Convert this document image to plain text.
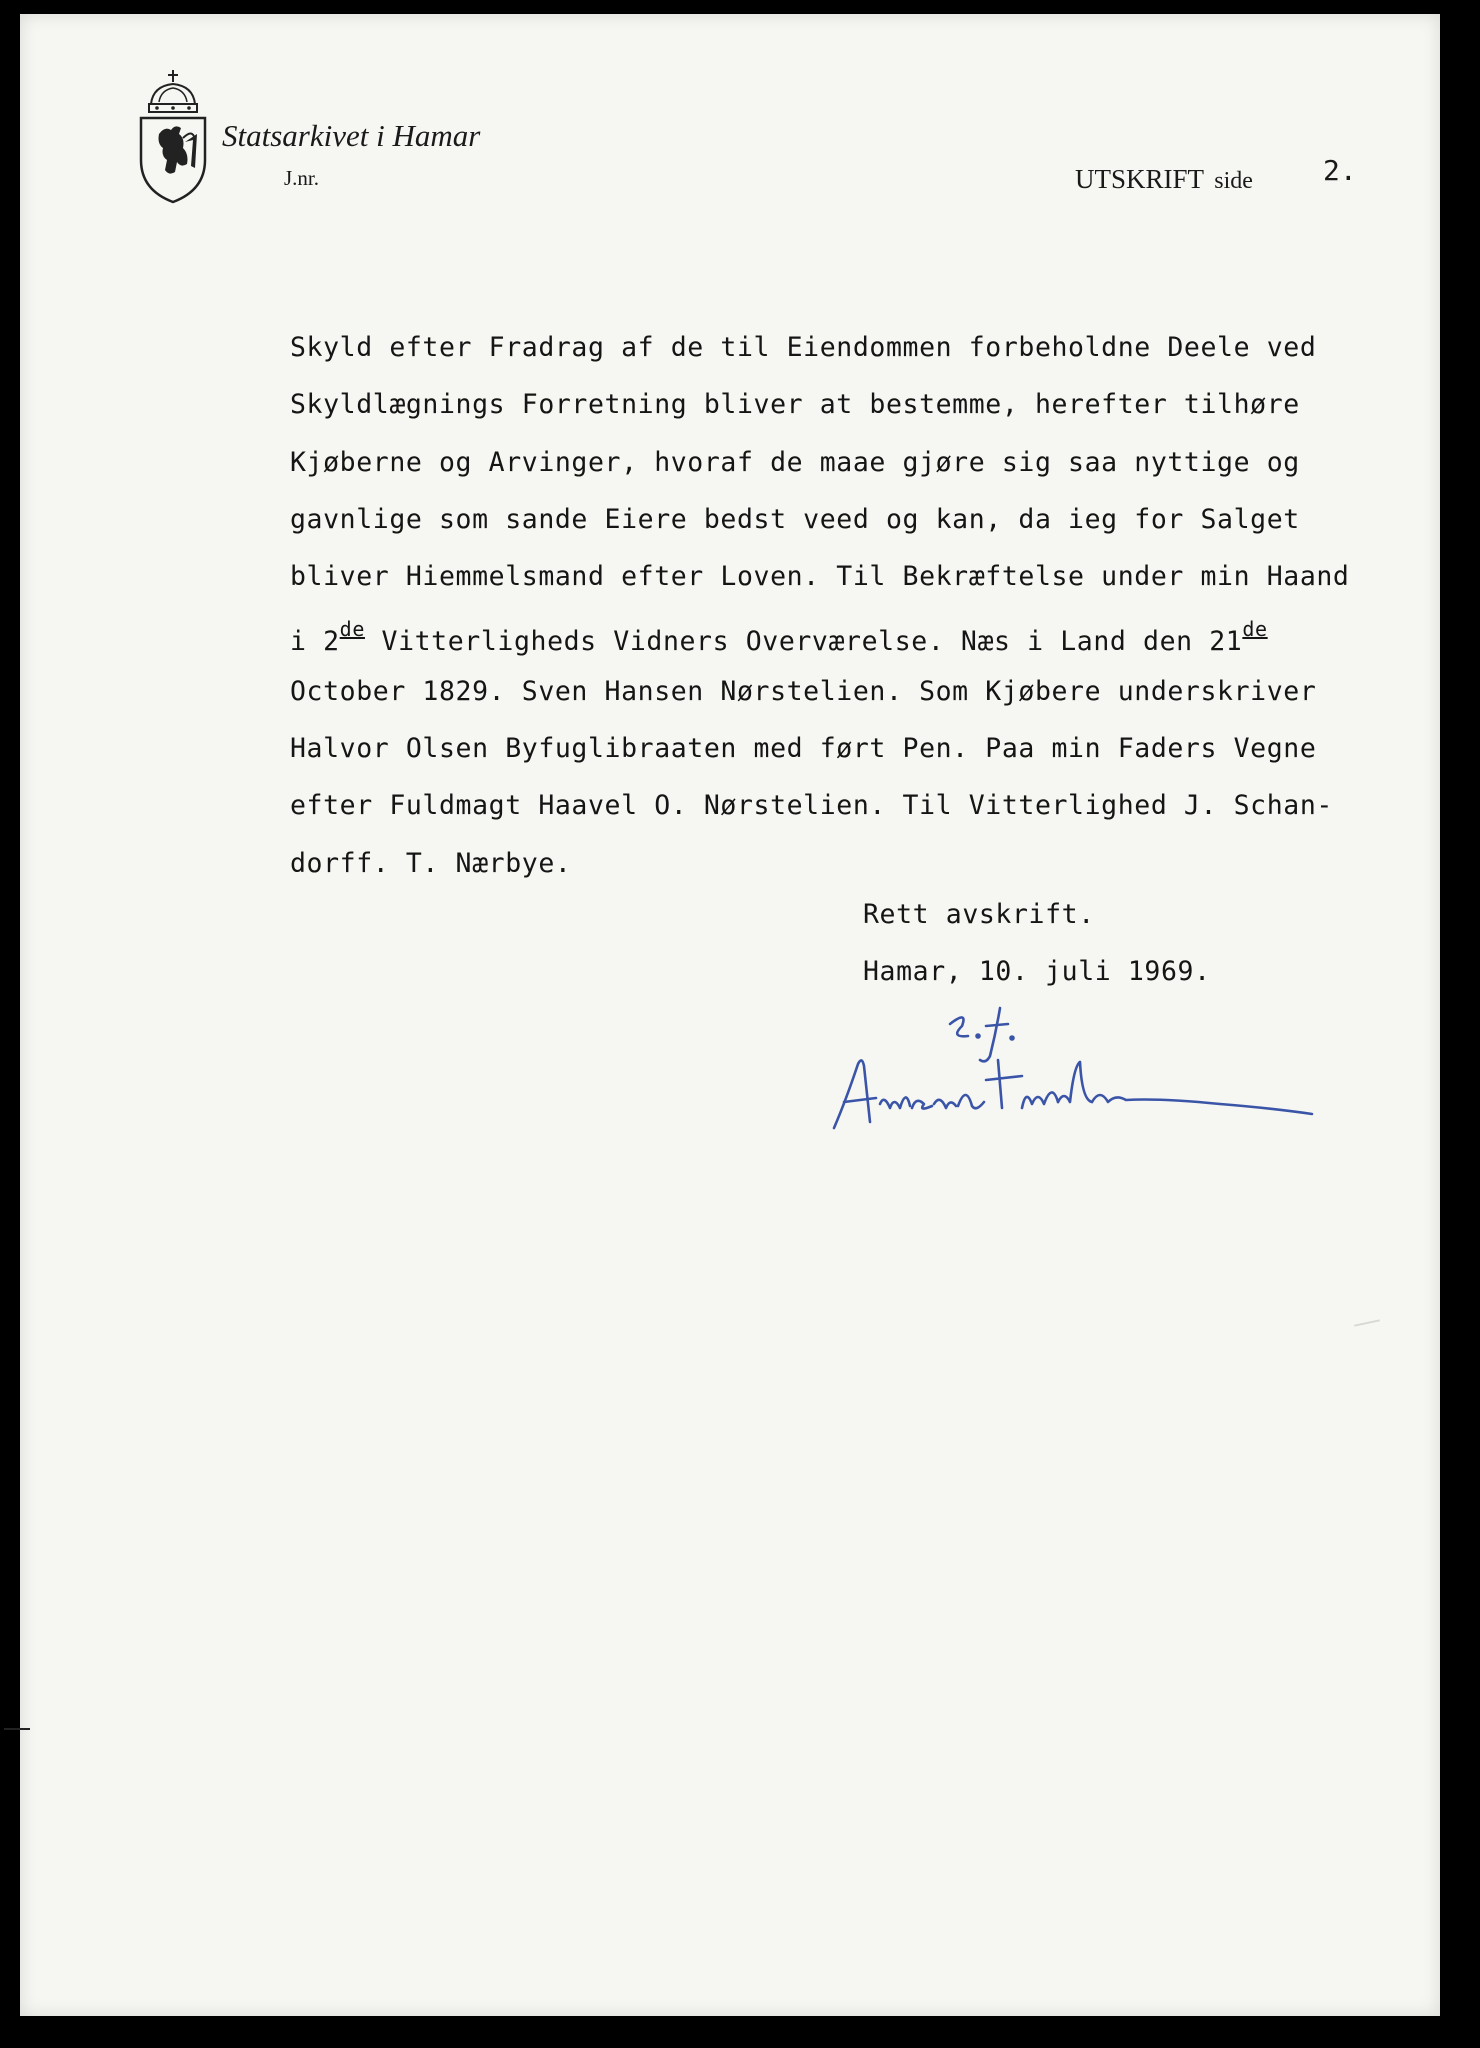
Statsarkivet i Hamar
J.nr.	UTSKRIFT side	2.
Skyld efter Fradrag af de til Eiendommen forbeholdne Deele ved
Skyldlægnings Forretning bliver at bestemme, herefter tilhøre
Kjøberne og Arvinger, hvoraf de maae gjøre sig saa nyttige og
gavnlige som sande Eiere bedst veed og kan, da ieg for Salget
bliver Hiemmelsmand efter Loven. Til Bekræftelse under min Haand
i 2de Vitterligheds Vidners Overværelse. Næs i Land den 21de
October 1829. Sven Hansen Nørstelien. Som Kjøbere underskriver
Halvor Olsen Byfuglibraaten med ført Pen. Paa min Faders Vegne
efter Fuldmagt Haavel O. Nørstelien. Til Vitterlighed J. Schan-
dorff. T. Nærbye.
Rett avskrift.
Hamar, 10. juli 1969.
